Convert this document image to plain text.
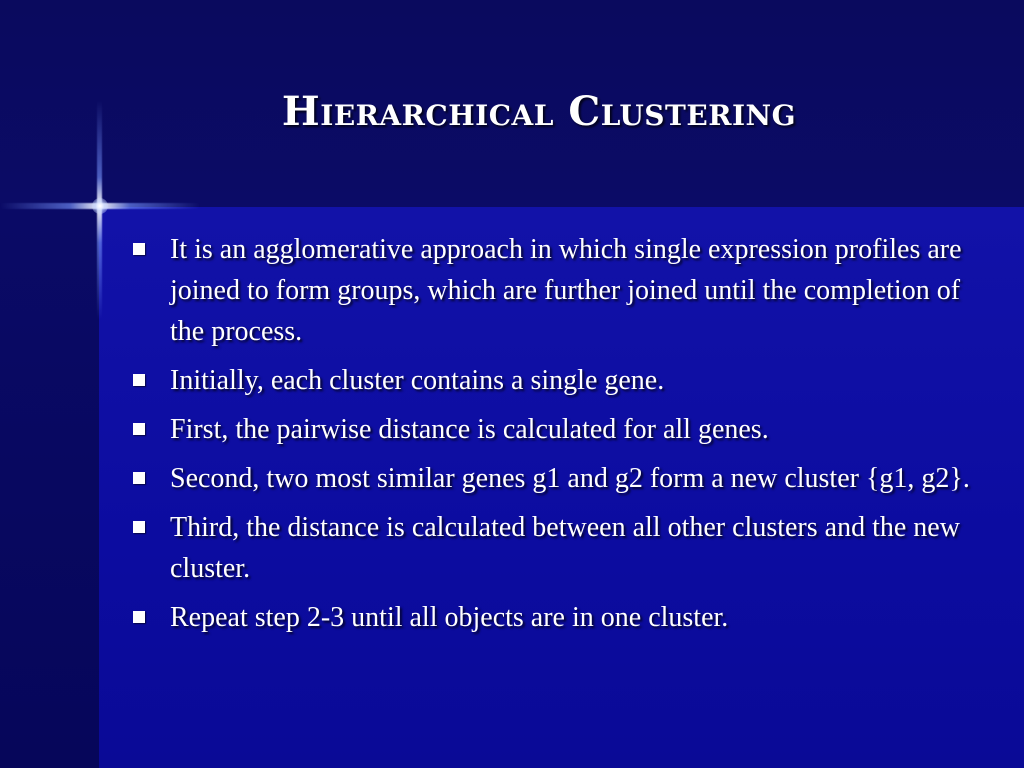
Hierarchical Clustering
It is an agglomerative approach in which single expression profiles are joined to form groups, which are further joined until the completion of the process.
Initially, each cluster contains a single gene.
First, the pairwise distance is calculated for all genes.
Second, two most similar genes g1 and g2 form a new cluster {g1, g2}.
Third, the distance is calculated between all other clusters and the new cluster.
Repeat step 2-3 until all objects are in one cluster.
